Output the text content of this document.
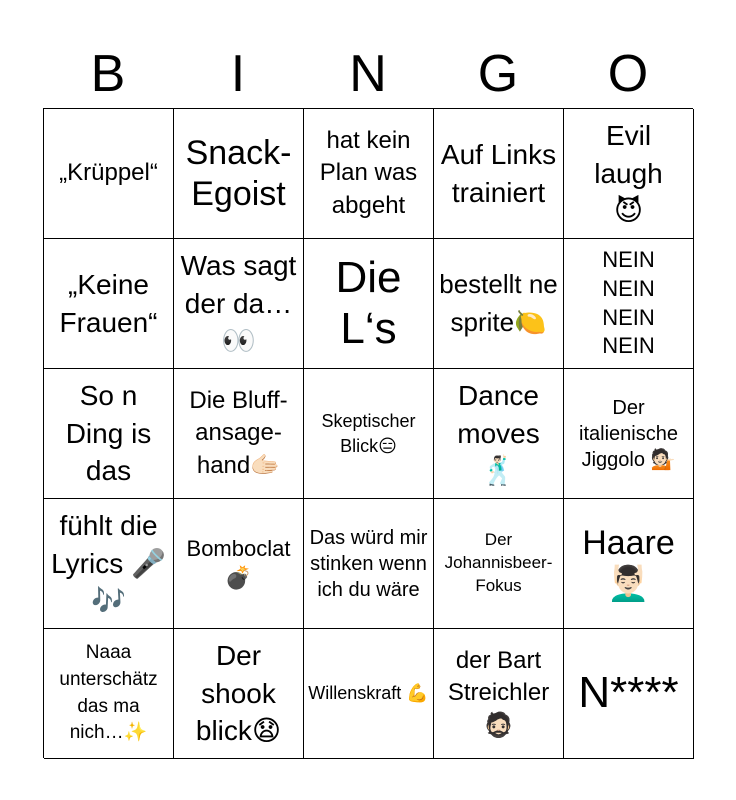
B	I	N	G	O
„Krüppel“
Snack-Egoist
hat kein Plan was abgeht
Auf Links trainiert
Evil laugh 😈
„Keine Frauen“
Was sagt der da…👀
Die L‘s
bestellt ne sprite🍋
NEIN NEIN NEIN NEIN
So n Ding is das
Die Bluff-ansage-hand🫱🏻
Skeptischer Blick😑
Dance moves 🕺🏻
Der italienische Jiggolo 💁🏻
fühlt die Lyrics 🎤🎶
Bomboclat 💣
Das würd mir stinken wenn ich du wäre
Der Johannisbeer-Fokus
Haare 💆🏻‍♂️
Naaa unterschätz das ma nich…✨
Der shook blick😧
Willenskraft 💪
der Bart Streichler 🧔🏻
N****
